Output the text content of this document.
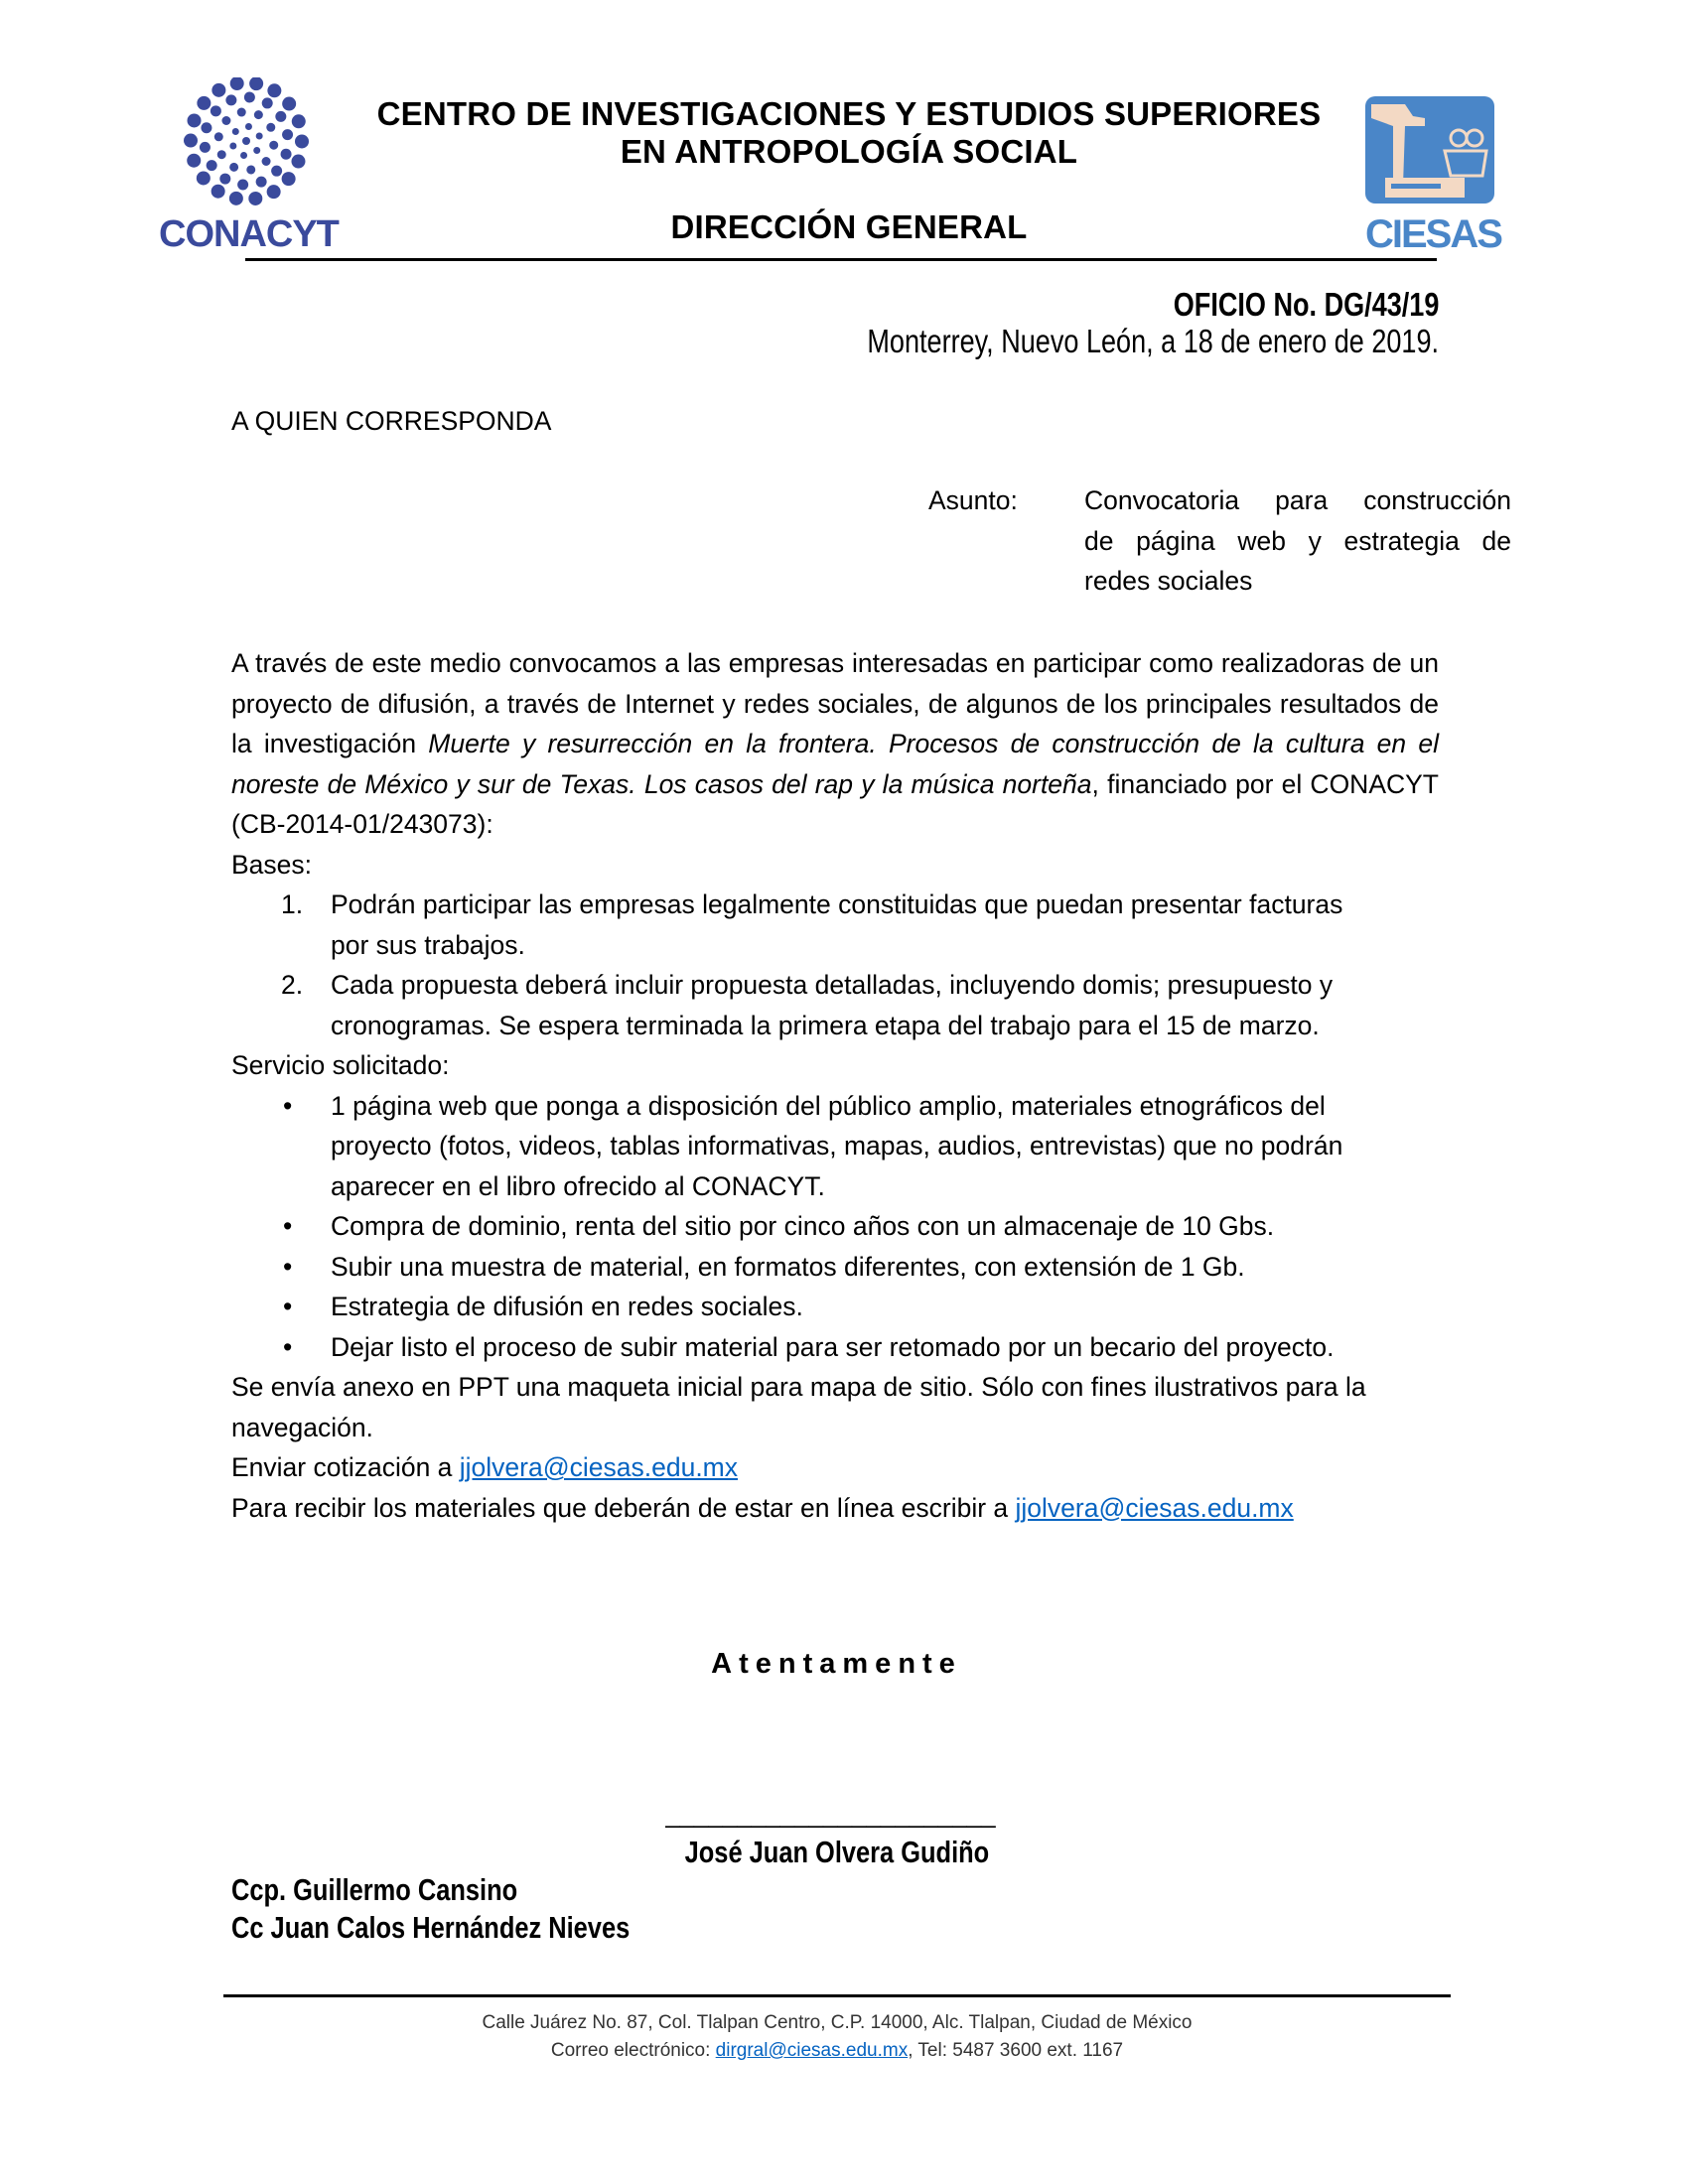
CONACYT
CENTRO DE INVESTIGACIONES Y ESTUDIOS SUPERIORES
EN ANTROPOLOGÍA SOCIAL
DIRECCIÓN GENERAL	CIESAS
OFICIO No. DG/43/19
Monterrey, Nuevo León, a 18 de enero de 2019.
A QUIEN CORRESPONDA
Asunto:	Convocatoria para construcción
de página web y estrategia de
redes sociales
A través de este medio convocamos a las empresas interesadas en participar como realizadoras de un proyecto de difusión, a través de Internet y redes sociales, de algunos de los principales resultados de la investigación Muerte y resurrección en la frontera. Procesos de construcción de la cultura en el noreste de México y sur de Texas. Los casos del rap y la música norteña, financiado por el CONACYT (CB-2014-01/243073):
Bases:
1. Podrán participar las empresas legalmente constituidas que puedan presentar facturas por sus trabajos.
2. Cada propuesta deberá incluir propuesta detalladas, incluyendo domis; presupuesto y cronogramas. Se espera terminada la primera etapa del trabajo para el 15 de marzo.
Servicio solicitado:
• 1 página web que ponga a disposición del público amplio, materiales etnográficos del proyecto (fotos, videos, tablas informativas, mapas, audios, entrevistas) que no podrán aparecer en el libro ofrecido al CONACYT.
• Compra de dominio, renta del sitio por cinco años con un almacenaje de 10 Gbs.
• Subir una muestra de material, en formatos diferentes, con extensión de 1 Gb.
• Estrategia de difusión en redes sociales.
• Dejar listo el proceso de subir material para ser retomado por un becario del proyecto.
Se envía anexo en PPT una maqueta inicial para mapa de sitio. Sólo con fines ilustrativos para la navegación.
Enviar cotización a jjolvera@ciesas.edu.mx
Para recibir los materiales que deberán de estar en línea escribir a jjolvera@ciesas.edu.mx
Atentamente
_______________________
José Juan Olvera Gudiño
Ccp. Guillermo Cansino
Cc Juan Calos Hernández Nieves
Calle Juárez No. 87, Col. Tlalpan Centro, C.P. 14000, Alc. Tlalpan, Ciudad de México
Correo electrónico: dirgral@ciesas.edu.mx, Tel: 5487 3600 ext. 1167
